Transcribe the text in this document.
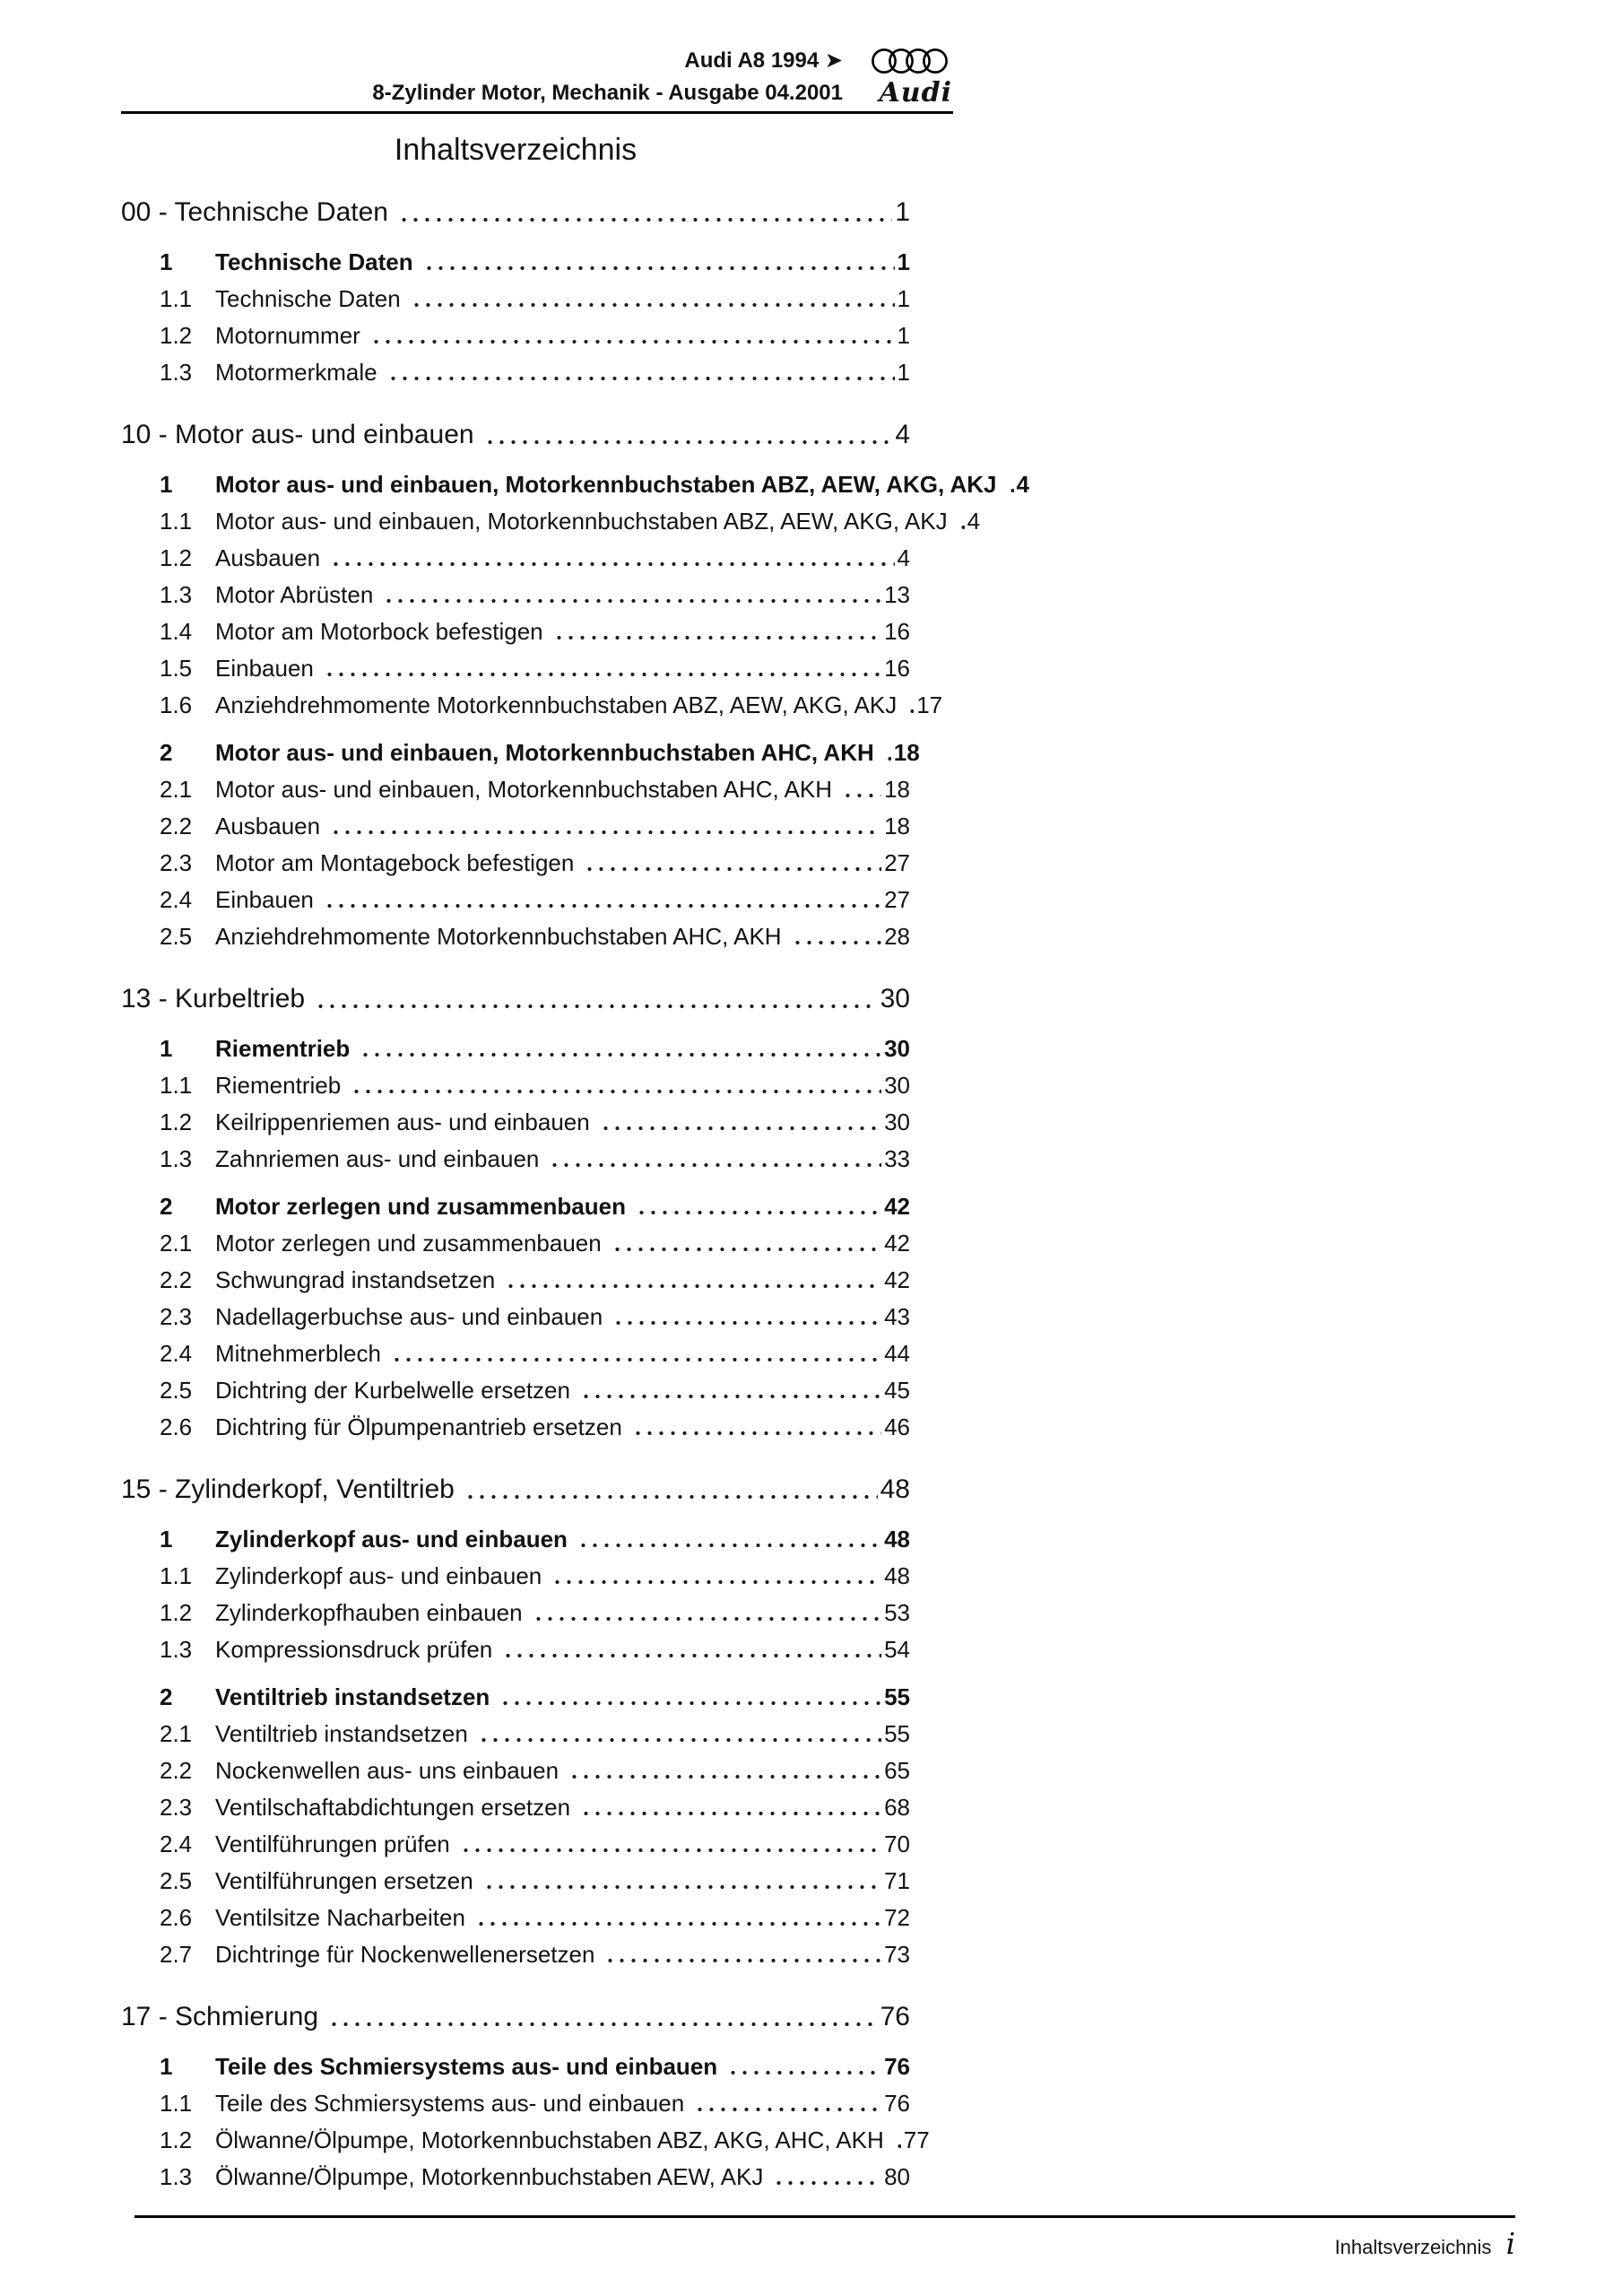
Audi A8 1994 ➤
8-Zylinder Motor, Mechanik - Ausgabe 04.2001 Audi
Inhaltsverzeichnis
00 - Technische Daten	1
1	Technische Daten	1
1.1 Technische Daten	1
1.2 Motornummer	1
1.3 Motormerkmale	1
10 - Motor aus- und einbauen	4
1	Motor aus- und einbauen, Motorkennbuchstaben ABZ, AEW, AKG, AKJ 4
1.1 Motor aus- und einbauen, Motorkennbuchstaben ABZ, AEW, AKG, AKJ 4
1.2 Ausbauen	4
1.3 Motor Abrüsten	13
1.4 Motor am Motorbock befestigen	16
1.5 Einbauen	16
1.6 Anziehdrehmomente Motorkennbuchstaben ABZ, AEW, AKG, AKJ 17
2	Motor aus- und einbauen, Motorkennbuchstaben AHC, AKH 18
2.1 Motor aus- und einbauen, Motorkennbuchstaben AHC, AKH 18
2.2 Ausbauen	18
2.3 Motor am Montagebock befestigen	27
2.4 Einbauen	27
2.5 Anziehdrehmomente Motorkennbuchstaben AHC, AKH	28
13 - Kurbeltrieb	30
1	Riementrieb	30
1.1 Riementrieb	30
1.2 Keilrippenriemen aus- und einbauen	30
1.3 Zahnriemen aus- und einbauen	33
2	Motor zerlegen und zusammenbauen	42
2.1 Motor zerlegen und zusammenbauen	42
2.2 Schwungrad instandsetzen	42
2.3 Nadellagerbuchse aus- und einbauen	43
2.4 Mitnehmerblech	44
2.5 Dichtring der Kurbelwelle ersetzen	45
2.6 Dichtring für Ölpumpenantrieb ersetzen	46
15 - Zylinderkopf, Ventiltrieb	48
1	Zylinderkopf aus- und einbauen	48
1.1 Zylinderkopf aus- und einbauen	48
1.2 Zylinderkopfhauben einbauen	53
1.3 Kompressionsdruck prüfen	54
2	Ventiltrieb instandsetzen	55
2.1 Ventiltrieb instandsetzen	55
2.2 Nockenwellen aus- uns einbauen	65
2.3 Ventilschaftabdichtungen ersetzen	68
2.4 Ventilführungen prüfen	70
2.5 Ventilführungen ersetzen	71
2.6 Ventilsitze Nacharbeiten	72
2.7 Dichtringe für Nockenwellenersetzen	73
17 - Schmierung	76
1	Teile des Schmiersystems aus- und einbauen	76
1.1 Teile des Schmiersystems aus- und einbauen	76
1.2 Ölwanne/Ölpumpe, Motorkennbuchstaben ABZ, AKG, AHC, AKH 77
1.3 Ölwanne/Ölpumpe, Motorkennbuchstaben AEW, AKJ	80
Inhaltsverzeichnis i
